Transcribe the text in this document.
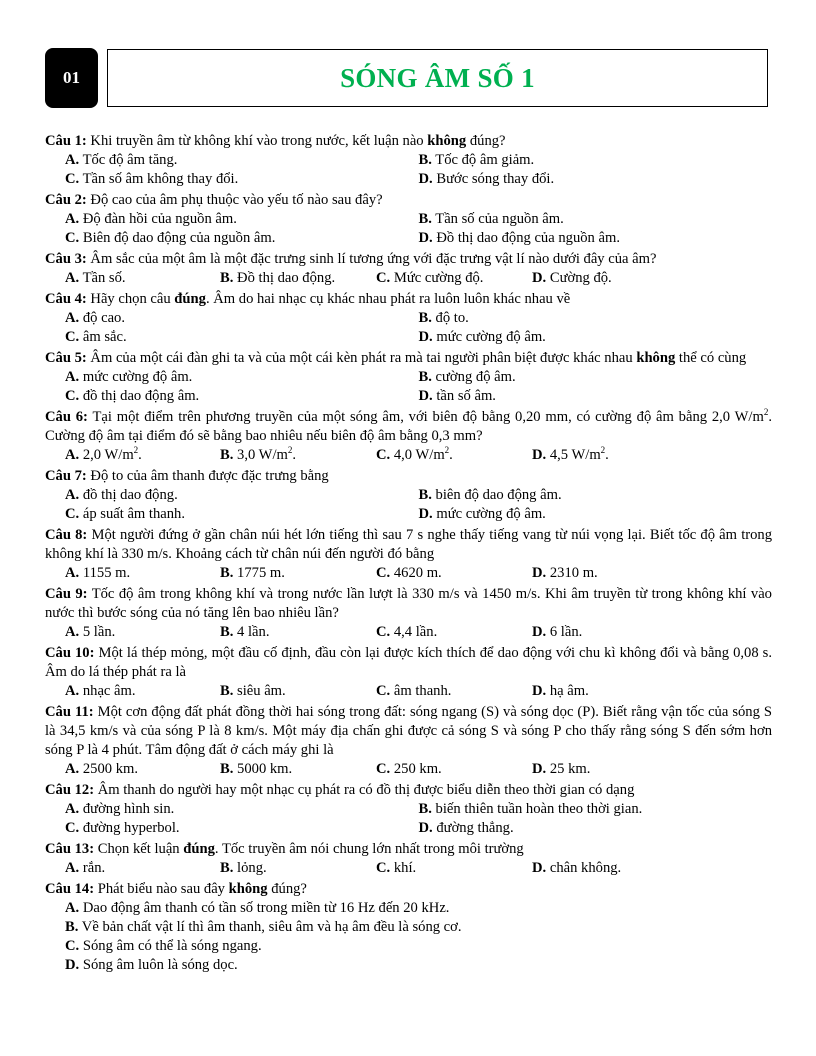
01	SÓNG ÂM SỐ 1
Câu 1: Khi truyền âm từ không khí vào trong nước, kết luận nào không đúng?
A. Tốc độ âm tăng.	B. Tốc độ âm giảm.
C. Tần số âm không thay đổi.	D. Bước sóng thay đổi.
Câu 2: Độ cao của âm phụ thuộc vào yếu tố nào sau đây?
A. Độ đàn hồi của nguồn âm.	B. Tần số của nguồn âm.
C. Biên độ dao động của nguồn âm.	D. Đồ thị dao động của nguồn âm.
Câu 3: Âm sắc của một âm là một đặc trưng sinh lí tương ứng với đặc trưng vật lí nào dưới đây của âm?
A. Tần số.	B. Đồ thị dao động.	C. Mức cường độ.	D. Cường độ.
Câu 4: Hãy chọn câu đúng. Âm do hai nhạc cụ khác nhau phát ra luôn luôn khác nhau về
A. độ cao.	B. độ to.
C. âm sắc.	D. mức cường độ âm.
Câu 5: Âm của một cái đàn ghi ta và của một cái kèn phát ra mà tai người phân biệt được khác nhau không thể có cùng
A. mức cường độ âm.	B. cường độ âm.
C. đồ thị dao động âm.	D. tần số âm.
Câu 6: Tại một điểm trên phương truyền của một sóng âm, với biên độ bằng 0,20 mm, có cường độ âm bằng 2,0 $W/m^2$. Cường độ âm tại điểm đó sẽ bằng bao nhiêu nếu biên độ âm bằng 0,3 mm?
A. 2,0 $W/m^2$.	B. 3,0 $W/m^2$.	C. 4,0 $W/m^2$.	D. 4,5 $W/m^2$.
Câu 7: Độ to của âm thanh được đặc trưng bằng
A. đồ thị dao động.	B. biên độ dao động âm.
C. áp suất âm thanh.	D. mức cường độ âm.
Câu 8: Một người đứng ở gần chân núi hét lớn tiếng thì sau 7 s nghe thấy tiếng vang từ núi vọng lại. Biết tốc độ âm trong không khí là 330 m/s. Khoảng cách từ chân núi đến người đó bằng
A. 1155 m.	B. 1775 m.	C. 4620 m.	D. 2310 m.
Câu 9: Tốc độ âm trong không khí và trong nước lần lượt là 330 m/s và 1450 m/s. Khi âm truyền từ trong không khí vào nước thì bước sóng của nó tăng lên bao nhiêu lần?
A. 5 lần.	B. 4 lần.	C. 4,4 lần.	D. 6 lần.
Câu 10: Một lá thép mỏng, một đầu cố định, đầu còn lại được kích thích để dao động với chu kì không đổi và bằng 0,08 s. Âm do lá thép phát ra là
A. nhạc âm.	B. siêu âm.	C. âm thanh.	D. hạ âm.
Câu 11: Một cơn động đất phát đồng thời hai sóng trong đất: sóng ngang (S) và sóng dọc (P). Biết rằng vận tốc của sóng S là 34,5 km/s và của sóng P là 8 km/s. Một máy địa chấn ghi được cả sóng S và sóng P cho thấy rằng sóng S đến sớm hơn sóng P là 4 phút. Tâm động đất ở cách máy ghi là
A. 2500 km.	B. 5000 km.	C. 250 km.	D. 25 km.
Câu 12: Âm thanh do người hay một nhạc cụ phát ra có đồ thị được biểu diễn theo thời gian có dạng
A. đường hình sin.	B. biến thiên tuần hoàn theo thời gian.
C. đường hyperbol.	D. đường thẳng.
Câu 13: Chọn kết luận đúng. Tốc truyền âm nói chung lớn nhất trong môi trường
A. rắn.	B. lỏng.	C. khí.	D. chân không.
Câu 14: Phát biểu nào sau đây không đúng?
A. Dao động âm thanh có tần số trong miền từ 16 Hz đến 20 kHz.
B. Về bản chất vật lí thì âm thanh, siêu âm và hạ âm đều là sóng cơ.
C. Sóng âm có thể là sóng ngang.
D. Sóng âm luôn là sóng dọc.
